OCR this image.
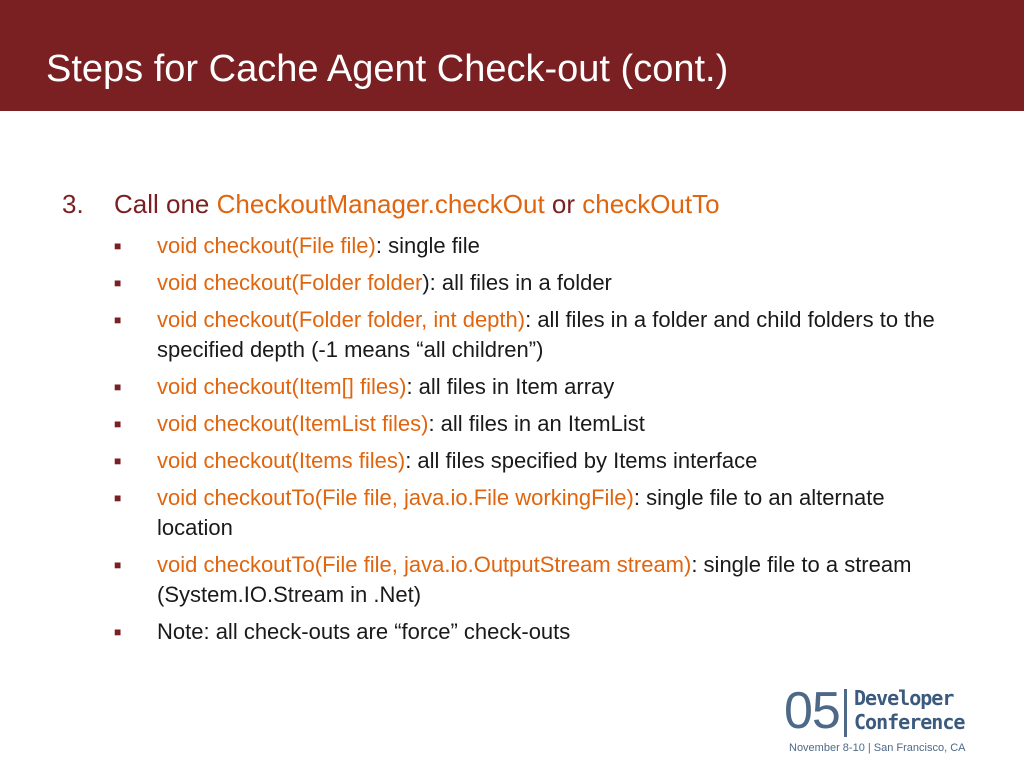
Steps for Cache Agent Check-out (cont.)
3.	Call one CheckoutManager.checkOut or checkOutTo
■	void checkout(File file): single file
■	void checkout(Folder folder): all files in a folder
■	void checkout(Folder folder, int depth): all files in a folder and child folders to the specified depth (-1 means “all children”)
■	void checkout(Item[] files): all files in Item array
■	void checkout(ItemList files): all files in an ItemList
■	void checkout(Items files): all files specified by Items interface
■	void checkoutTo(File file, java.io.File workingFile): single file to an alternate location
■	void checkoutTo(File file, java.io.OutputStream stream): single file to a stream (System.IO.Stream in .Net)
■	Note: all check-outs are “force” check-outs
05 Developer
Conference
November 8-10 | San Francisco, CA
